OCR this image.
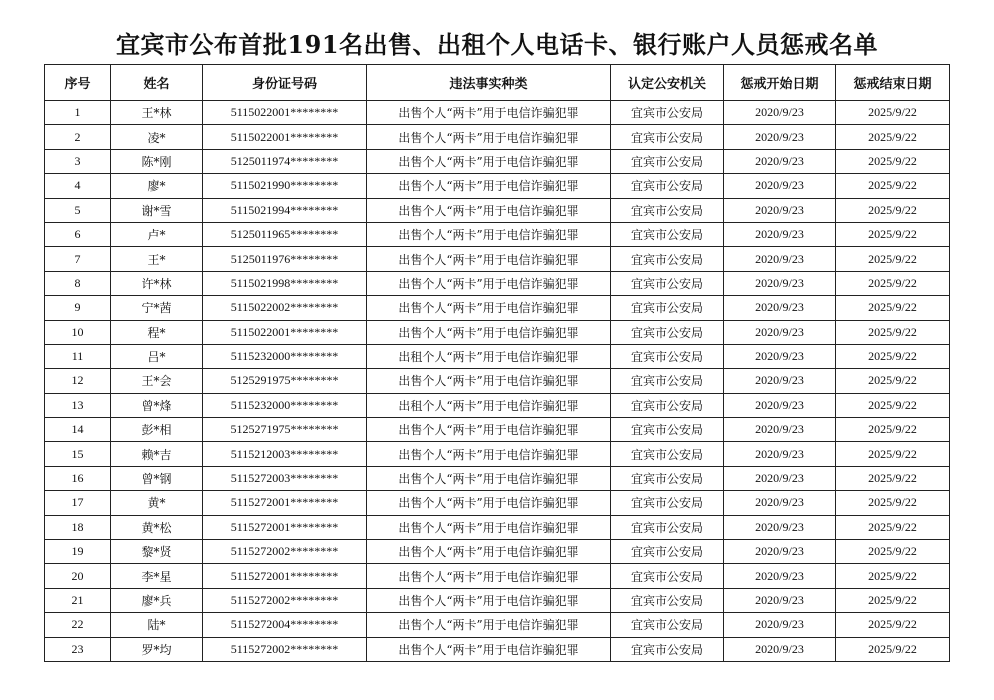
宜宾市公布首批191名出售、出租个人电话卡、银行账户人员惩戒名单
序号	姓名	身份证号码	违法事实种类	认定公安机关	惩戒开始日期	惩戒结束日期
1	王*林	5115022001********	出售个人“两卡”用于电信诈骗犯罪	宜宾市公安局	2020/9/23	2025/9/22
2	凌*	5115022001********	出售个人“两卡”用于电信诈骗犯罪	宜宾市公安局	2020/9/23	2025/9/22
3	陈*刚	5125011974********	出售个人“两卡”用于电信诈骗犯罪	宜宾市公安局	2020/9/23	2025/9/22
4	廖*	5115021990********	出售个人“两卡”用于电信诈骗犯罪	宜宾市公安局	2020/9/23	2025/9/22
5	谢*雪	5115021994********	出售个人“两卡”用于电信诈骗犯罪	宜宾市公安局	2020/9/23	2025/9/22
6	卢*	5125011965********	出售个人“两卡”用于电信诈骗犯罪	宜宾市公安局	2020/9/23	2025/9/22
7	王*	5125011976********	出售个人“两卡”用于电信诈骗犯罪	宜宾市公安局	2020/9/23	2025/9/22
8	许*林	5115021998********	出售个人“两卡”用于电信诈骗犯罪	宜宾市公安局	2020/9/23	2025/9/22
9	宁*茜	5115022002********	出售个人“两卡”用于电信诈骗犯罪	宜宾市公安局	2020/9/23	2025/9/22
10	程*	5115022001********	出售个人“两卡”用于电信诈骗犯罪	宜宾市公安局	2020/9/23	2025/9/22
11	吕*	5115232000********	出租个人“两卡”用于电信诈骗犯罪	宜宾市公安局	2020/9/23	2025/9/22
12	王*会	5125291975********	出售个人“两卡”用于电信诈骗犯罪	宜宾市公安局	2020/9/23	2025/9/22
13	曾*烽	5115232000********	出租个人“两卡”用于电信诈骗犯罪	宜宾市公安局	2020/9/23	2025/9/22
14	彭*相	5125271975********	出售个人“两卡”用于电信诈骗犯罪	宜宾市公安局	2020/9/23	2025/9/22
15	赖*吉	5115212003********	出售个人“两卡”用于电信诈骗犯罪	宜宾市公安局	2020/9/23	2025/9/22
16	曾*钢	5115272003********	出售个人“两卡”用于电信诈骗犯罪	宜宾市公安局	2020/9/23	2025/9/22
17	黄*	5115272001********	出售个人“两卡”用于电信诈骗犯罪	宜宾市公安局	2020/9/23	2025/9/22
18	黄*松	5115272001********	出售个人“两卡”用于电信诈骗犯罪	宜宾市公安局	2020/9/23	2025/9/22
19	黎*贤	5115272002********	出售个人“两卡”用于电信诈骗犯罪	宜宾市公安局	2020/9/23	2025/9/22
20	李*星	5115272001********	出售个人“两卡”用于电信诈骗犯罪	宜宾市公安局	2020/9/23	2025/9/22
21	廖*兵	5115272002********	出售个人“两卡”用于电信诈骗犯罪	宜宾市公安局	2020/9/23	2025/9/22
22	陆*	5115272004********	出售个人“两卡”用于电信诈骗犯罪	宜宾市公安局	2020/9/23	2025/9/22
23	罗*均	5115272002********	出售个人“两卡”用于电信诈骗犯罪	宜宾市公安局	2020/9/23	2025/9/22
